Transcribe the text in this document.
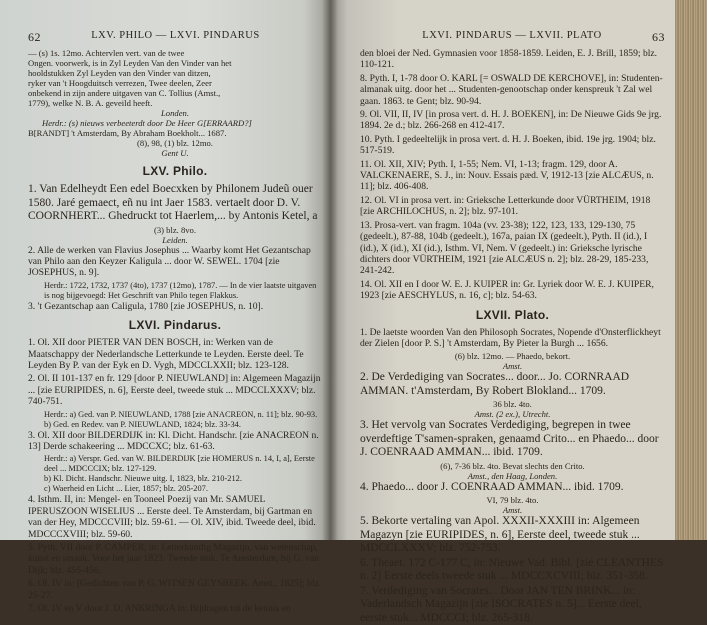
62	LXV. PHILO — LXVI. PINDARUS
— (s) 1s. 12mo. Achtervlen vert. van de twee
Ongen. voorwerk, is in Zyl Leyden Van den Vinder van het
hooldstukken Zyl Leyden van den Vinder van ditzen,
ryker van 't Hoogduitsch verrezen, Twee deelen, Zeer
onbekend in zijn andere uitgaven van C. Tollius (Amst.,
1779), welke N. B. A. geveild heeft.
Londen.
Herdr.: (s) nieuws verbeeterdt door De Heer G[ERRAARD?]
B[RANDT] 't Amsterdam, By Abraham Boekholt... 1687.
(8), 98, (1) blz. 12mo.
Gent U.
LXV. Philo.
1. Van Edelheydt Een edel Boecxken by Philonem Judeũ ouer 1580. Jaré gemaect, eñ nu int Jaer 1583. vertaelt door D. V. COORNHERT... Ghedruckt tot Haerlem,... by Antonis Ketel, a
(3) blz. 8vo.
Leiden.
2. Alle de werken van Flavius Josephus ... Waarby komt Het Gezantschap van Philo aan den Keyzer Kaligula ... door W. SEWEL. 1704 [zie JOSEPHUS, n. 9].
Herdr.: 1722, 1732, 1737 (4to), 1737 (12mo), 1787. — In de vier laatste uitgaven is nog bijgevoegd: Het Geschrift van Philo tegen Flakkus.
3. 't Gezantschap aan Caligula, 1780 [zie JOSEPHUS, n. 10].
LXVI. Pindarus.
1. Ol. XII door PIETER VAN DEN BOSCH, in: Werken van de Maatschappy der Nederlandsche Letterkunde te Leyden. Eerste deel. Te Leyden By P. van der Eyk en D. Vygh, MDCCLXXII; blz. 123-128.
2. Ol. II 101-137 en fr. 129 [door P. NIEUWLAND] in: Algemeen Magazijn ... [zie EURIPIDES, n. 6], Eerste deel, tweede stuk ... MDCCLXXXV; blz. 740-751.
Herdr.: a) Ged. van P. NIEUWLAND, 1788 [zie ANACREON, n. 11]; blz. 90-93.
b) Ged. en Redev. van P. NIEUWLAND, 1824; blz. 33-34.
3. Ol. XII door BILDERDIJK in: Kl. Dicht. Handschr. [zie ANACREON n. 13] Derde schakeering ... MDCCXC; blz. 61-63.
Herdr.: a) Verspr. Ged. van W. BILDERDIJK [zie HOMERUS n. 14, I, a], Eerste deel ... MDCCCIX; blz. 127-129.
b) Kl. Dicht. Handschr. Nieuwe uitg. I, 1823, blz. 210-212.
c) Waerheid en Licht ... Lier, 1857; blz. 205-207.
4. Isthm. II, in: Mengel- en Tooneel Poezij van Mr. SAMUEL IPERUSZOON WISELIUS ... Eerste deel. Te Amsterdam, bij Gartman en van der Hey, MDCCCVIII; blz. 59-61. — Ol. XIV, ibid. Tweede deel, ibid. MDCCCXVIII; blz. 59-60.
5. Pyth. VII door P. CAMPER, in: Letterkundig Magazijn, van wetenschap, kunst en smaak. Voor het jaar 1823. Tweede stuk. Te Amsterdam, bij G. van Dijk; blz. 455-456.
6. Ol. IV in: [Gedichten van P. G. WITSEN GEYSBEEK. Amst., 1825]; blz. 25-27.
7. Ol. IV en V door J. D. ANKRINGA in: Bijdragen tot de kennis en
LXVI. PINDARUS — LXVII. PLATO	63
den bloei der Ned. Gymnasien voor 1858-1859. Leiden, E. J. Brill, 1859; blz. 110-121.
8. Pyth. I, 1-78 door O. KARL [= OSWALD DE KERCHOVE], in: Studenten-almanak uitg. door het ... Studenten-genootschap onder kenspreuk 't Zal wel gaan. 1863. te Gent; blz. 90-94.
9. Ol. VII, II, IV [in prosa vert. d. H. J. BOEKEN], in: De Nieuwe Gids 9e jrg. 1894. 2e d.; blz. 266-268 en 412-417.
10. Pyth. I gedeeltelijk in prosa vert. d. H. J. Boeken, ibid. 19e jrg. 1904; blz. 517-519.
11. Ol. XII, XIV; Pyth. I, 1-55; Nem. VI, 1-13; fragm. 129, door A. VALCKENAERE, S. J., in: Nouv. Essais pæd. V, 1912-13 [zie ALCÆUS, n. 11]; blz. 406-408.
12. Ol. VI in prosa vert. in: Grieksche Letterkunde door VÜRTHEIM, 1918 [zie ARCHILOCHUS, n. 2]; blz. 97-101.
13. Prosa-vert. van fragm. 104a (vv. 23-38); 122, 123, 133, 129-130, 75 (gedeelt.), 87-88, 104b (gedeelt.), 167a, paian IX (gedeelt.), Pyth. II (id.), I (id.), X (id.), XI (id.), Isthm. VI, Nem. V (gedeelt.) in: Griekschе lyrische dichters door VÜRTHEIM, 1921 [zie ALCÆUS n. 2]; blz. 28-29, 185-233, 241-242.
14. Ol. XII en I door W. E. J. KUIPER in: Gr. Lyriek door W. E. J. KUIPER, 1923 [zie AESCHYLUS, n. 16, c]; blz. 54-63.
LXVII. Plato.
1. De laetste woorden Van den Philosoph Socrates, Nopende d'Onsterflickheyt der Zielen [door P. S.] 't Amsterdam, By Pieter la Burgh ... 1656.
(6) blz. 12mo. — Phaedo, bekort.
Amst.
2. De Verdediging van Socrates... door... Jo. CORNRAAD AMMAN. t'Amsterdam, By Robert Blokland... 1709.
36 blz. 4to.
Amst. (2 ex.), Utrecht.
3. Het vervolg van Socrates Verdediging, begrepen in twee overdeftige T'samen-spraken, genaamd Crito... en Phaedo... door J. COENRAAD AMMAN... ibid. 1709.
(6), 7-36 blz. 4to. Bevat slechts den Crito.
Amst., den Haag, Londen.
4. Phaedo... door J. COENRAAD AMMAN... ibid. 1709.
VI, 79 blz. 4to.
Amst.
5. Bekorte vertaling van Apol. XXXII-XXXIII in: Algemeen Magazyn [zie EURIPIDES, n. 6], Eerste deel, tweede stuk ... MDCCLXXXV; blz. 752-753.
6. Theaet. 172 C-177 C, in: Nieuwe Vad. Bibl. [zie CLEANTHES n. 2] Eerste deels tweede stuk ... MDCCXCVIII; blz. 351-358.
7. Verdediging van Socrates... Door JAN TEN BRINK... in: Vaderlandsch Magazijn [zie ISOCRATES n. 5]... Eerste deel, eerste stuk... MDCCCI; blz. 265-318.
